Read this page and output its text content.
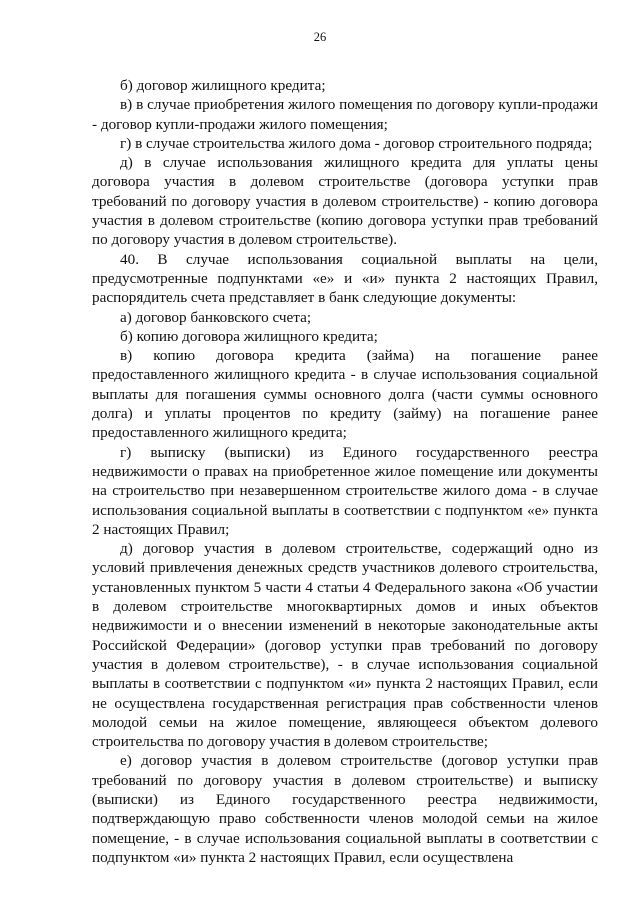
26

б) договор жилищного кредита;

в) в случае приобретения жилого помещения по договору купли-продажи - договор купли-продажи жилого помещения;

г) в случае строительства жилого дома - договор строительного подряда;

д) в случае использования жилищного кредита для уплаты цены договора участия в долевом строительстве (договора уступки прав требований по договору участия в долевом строительстве) - копию договора участия в долевом строительстве (копию договора уступки прав требований по договору участия в долевом строительстве).

40. В случае использования социальной выплаты на цели, предусмотренные подпунктами «е» и «и» пункта 2 настоящих Правил, распорядитель счета представляет в банк следующие документы:

а) договор банковского счета;

б) копию договора жилищного кредита;

в) копию договора кредита (займа) на погашение ранее предоставленного жилищного кредита - в случае использования социальной выплаты для погашения суммы основного долга (части суммы основного долга) и уплаты процентов по кредиту (займу) на погашение ранее предоставленного жилищного кредита;

г) выписку (выписки) из Единого государственного реестра недвижимости о правах на приобретенное жилое помещение или документы на строительство при незавершенном строительстве жилого дома - в случае использования социальной выплаты в соответствии с подпунктом «е» пункта 2 настоящих Правил;

д) договор участия в долевом строительстве, содержащий одно из условий привлечения денежных средств участников долевого строительства, установленных пунктом 5 части 4 статьи 4 Федерального закона «Об участии в долевом строительстве многоквартирных домов и иных объектов недвижимости и о внесении изменений в некоторые законодательные акты Российской Федерации» (договор уступки прав требований по договору участия в долевом строительстве), - в случае использования социальной выплаты в соответствии с подпунктом «и» пункта 2 настоящих Правил, если не осуществлена государственная регистрация прав собственности членов молодой семьи на жилое помещение, являющееся объектом долевого строительства по договору участия в долевом строительстве;

е) договор участия в долевом строительстве (договор уступки прав требований по договору участия в долевом строительстве) и выписку (выписки) из Единого государственного реестра недвижимости, подтверждающую право собственности членов молодой семьи на жилое помещение, - в случае использования социальной выплаты в соответствии с подпунктом «и» пункта 2 настоящих Правил, если осуществлена
